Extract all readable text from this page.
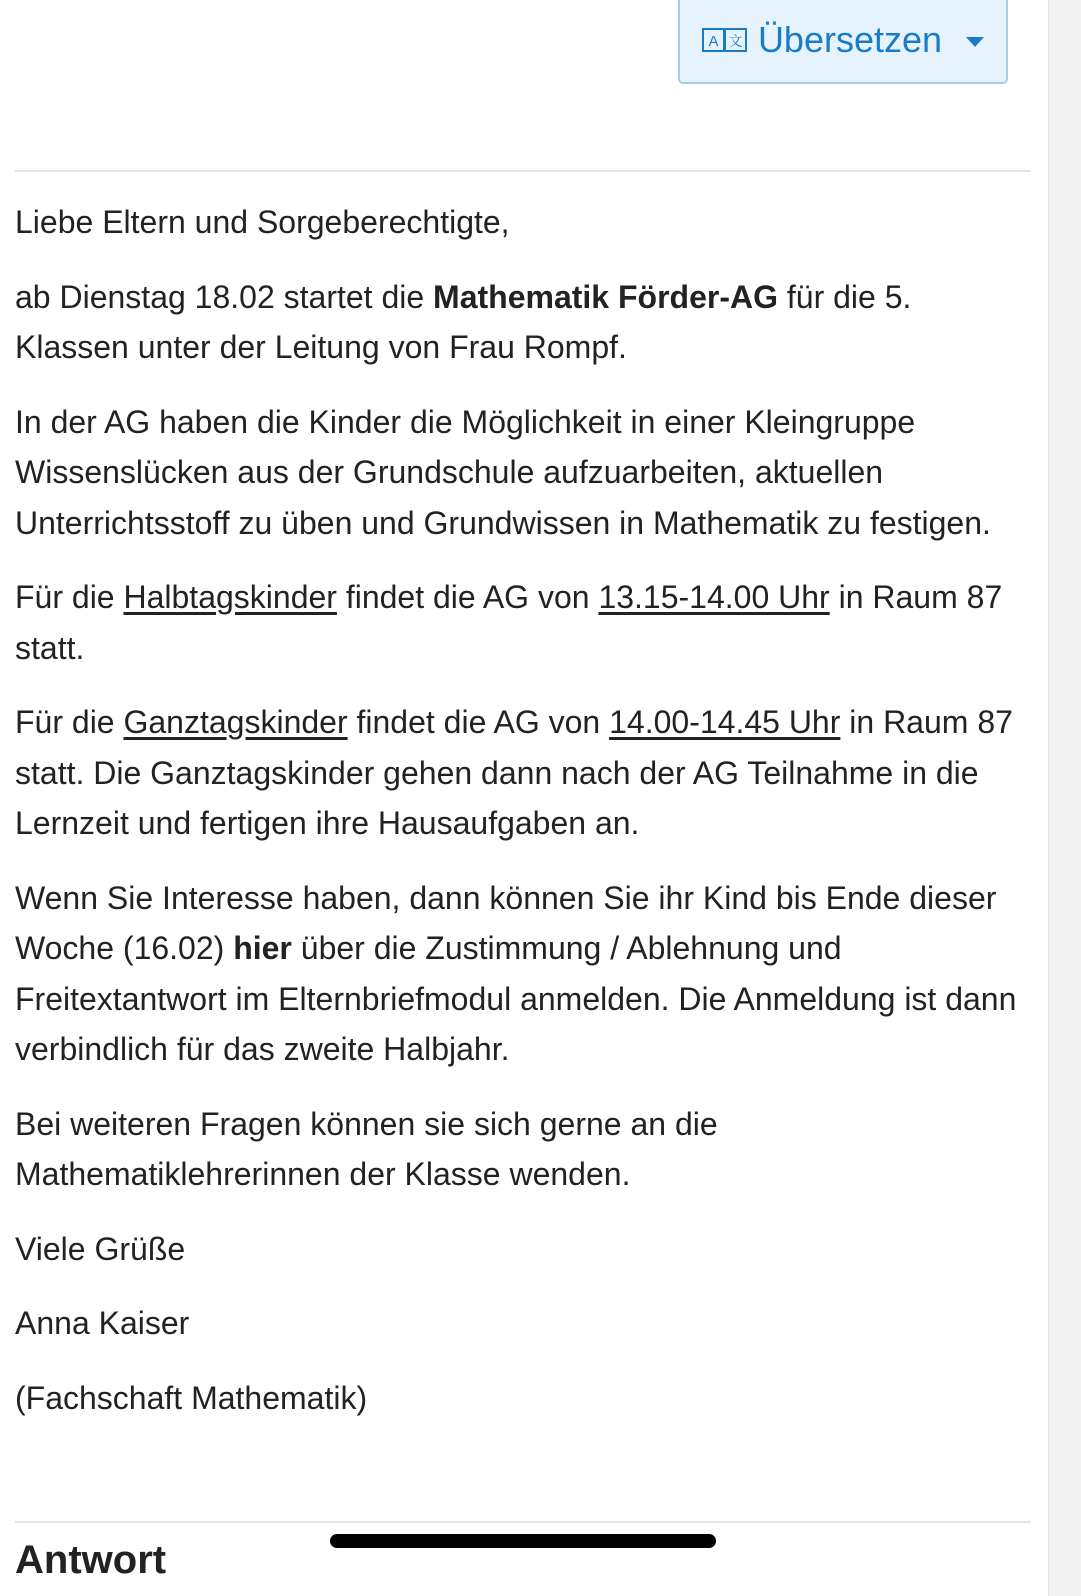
A 文 Übersetzen

Liebe Eltern und Sorgeberechtigte,

ab Dienstag 18.02 startet die Mathematik Förder-AG für die 5. Klassen unter der Leitung von Frau Rompf.

In der AG haben die Kinder die Möglichkeit in einer Kleingruppe Wissenslücken aus der Grundschule aufzuarbeiten, aktuellen Unterrichtsstoff zu üben und Grundwissen in Mathematik zu festigen.

Für die Halbtagskinder findet die AG von 13.15-14.00 Uhr in Raum 87 statt.

Für die Ganztagskinder findet die AG von 14.00-14.45 Uhr in Raum 87 statt. Die Ganztagskinder gehen dann nach der AG Teilnahme in die Lernzeit und fertigen ihre Hausaufgaben an.

Wenn Sie Interesse haben, dann können Sie ihr Kind bis Ende dieser Woche (16.02) hier über die Zustimmung / Ablehnung und Freitextantwort im Elternbriefmodul anmelden. Die Anmeldung ist dann verbindlich für das zweite Halbjahr.

Bei weiteren Fragen können sie sich gerne an die Mathematiklehrerinnen der Klasse wenden.

Viele Grüße

Anna Kaiser

(Fachschaft Mathematik)

Antwort
